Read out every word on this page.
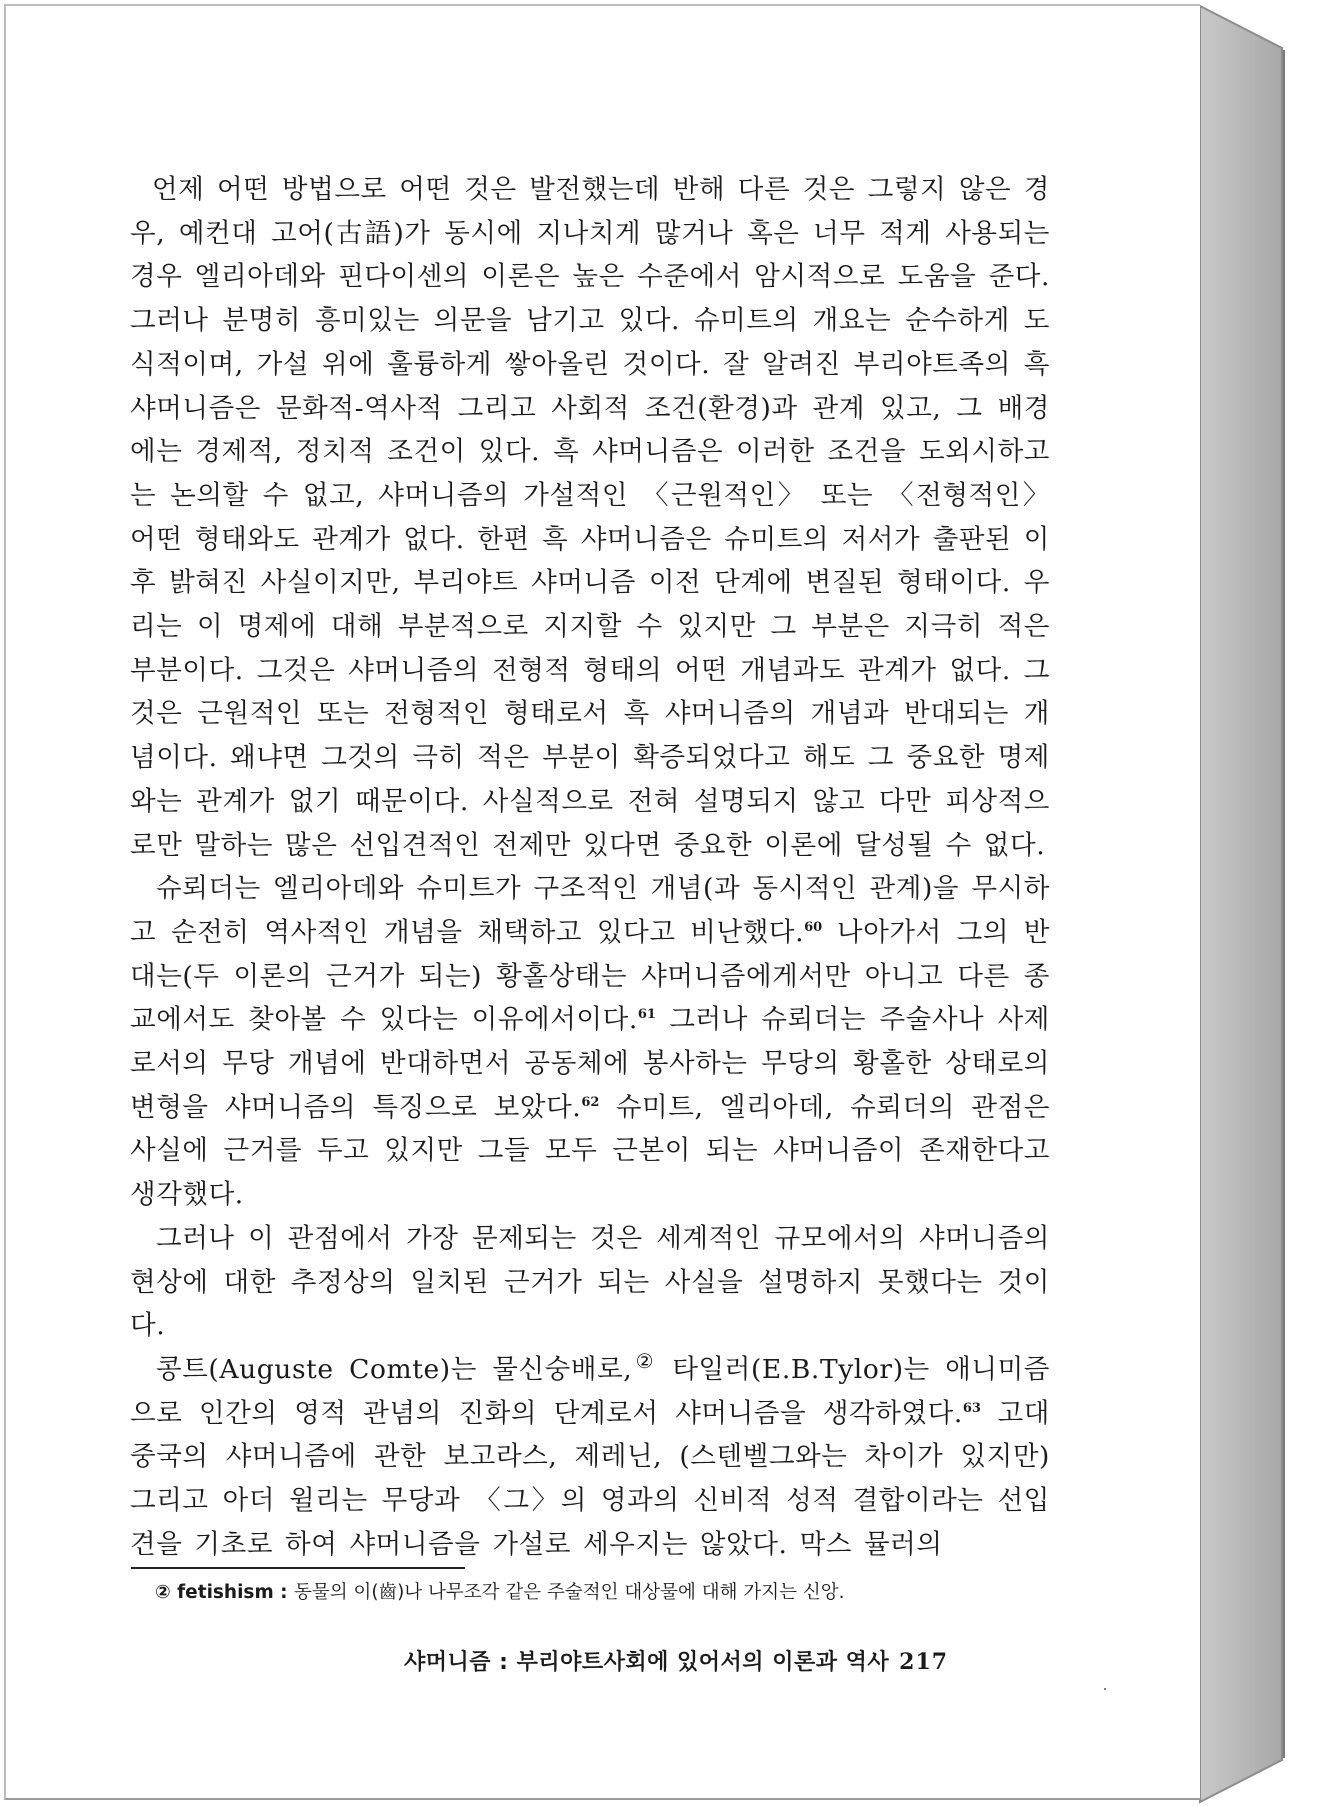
언제 어떤 방법으로 어떤 것은 발전했는데 반해 다른 것은 그렇지 않은 경우, 예컨대 고어(古語)가 동시에 지나치게 많거나 혹은 너무 적게 사용되는 경우 엘리아데와 핀다이센의 이론은 높은 수준에서 암시적으로 도움을 준다. 그러나 분명히 흥미있는 의문을 남기고 있다. 슈미트의 개요는 순수하게 도식적이며, 가설 위에 훌륭하게 쌓아올린 것이다. 잘 알려진 부리야트족의 흑 샤머니즘은 문화적-역사적 그리고 사회적 조건(환경)과 관계 있고, 그 배경에는 경제적, 정치적 조건이 있다. 흑 샤머니즘은 이러한 조건을 도외시하고는 논의할 수 없고, 샤머니즘의 가설적인 〈근원적인〉 또는 〈전형적인〉 어떤 형태와도 관계가 없다. 한편 흑 샤머니즘은 슈미트의 저서가 출판된 이후 밝혀진 사실이지만, 부리야트 샤머니즘 이전 단계에 변질된 형태이다. 우리는 이 명제에 대해 부분적으로 지지할 수 있지만 그 부분은 지극히 적은 부분이다. 그것은 샤머니즘의 전형적 형태의 어떤 개념과도 관계가 없다. 그것은 근원적인 또는 전형적인 형태로서 흑 샤머니즘의 개념과 반대되는 개념이다. 왜냐면 그것의 극히 적은 부분이 확증되었다고 해도 그 중요한 명제와는 관계가 없기 때문이다. 사실적으로 전혀 설명되지 않고 다만 피상적으로만 말하는 많은 선입견적인 전제만 있다면 중요한 이론에 달성될 수 없다.

슈뢰더는 엘리아데와 슈미트가 구조적인 개념(과 동시적인 관계)을 무시하고 순전히 역사적인 개념을 채택하고 있다고 비난했다.$^{60}$ 나아가서 그의 반대는(두 이론의 근거가 되는) 황홀상태는 샤머니즘에게서만 아니고 다른 종교에서도 찾아볼 수 있다는 이유에서이다.$^{61}$ 그러나 슈뢰더는 주술사나 사제로서의 무당 개념에 반대하면서 공동체에 봉사하는 무당의 황홀한 상태로의 변형을 샤머니즘의 특징으로 보았다.$^{62}$ 슈미트, 엘리아데, 슈뢰더의 관점은 사실에 근거를 두고 있지만 그들 모두 근본이 되는 샤머니즘이 존재한다고 생각했다.

그러나 이 관점에서 가장 문제되는 것은 세계적인 규모에서의 샤머니즘의 현상에 대한 추정상의 일치된 근거가 되는 사실을 설명하지 못했다는 것이다.

콩트(Auguste Comte)는 물신숭배로,② 타일러(E.B.Tylor)는 애니미즘으로 인간의 영적 관념의 진화의 단계로서 샤머니즘을 생각하였다.$^{63}$ 고대 중국의 샤머니즘에 관한 보고라스, 제레닌, (스텐벨그와는 차이가 있지만) 그리고 아더 윌리는 무당과 〈그〉의 영과의 신비적 성적 결합이라는 선입견을 기초로 하여 샤머니즘을 가설로 세우지는 않았다. 막스 뮬러의

② fetishism : 동물의 이(齒)나 나무조각 같은 주술적인 대상물에 대해 가지는 신앙.
샤머니즘 : 부리야트사회에 있어서의 이론과 역사 217
